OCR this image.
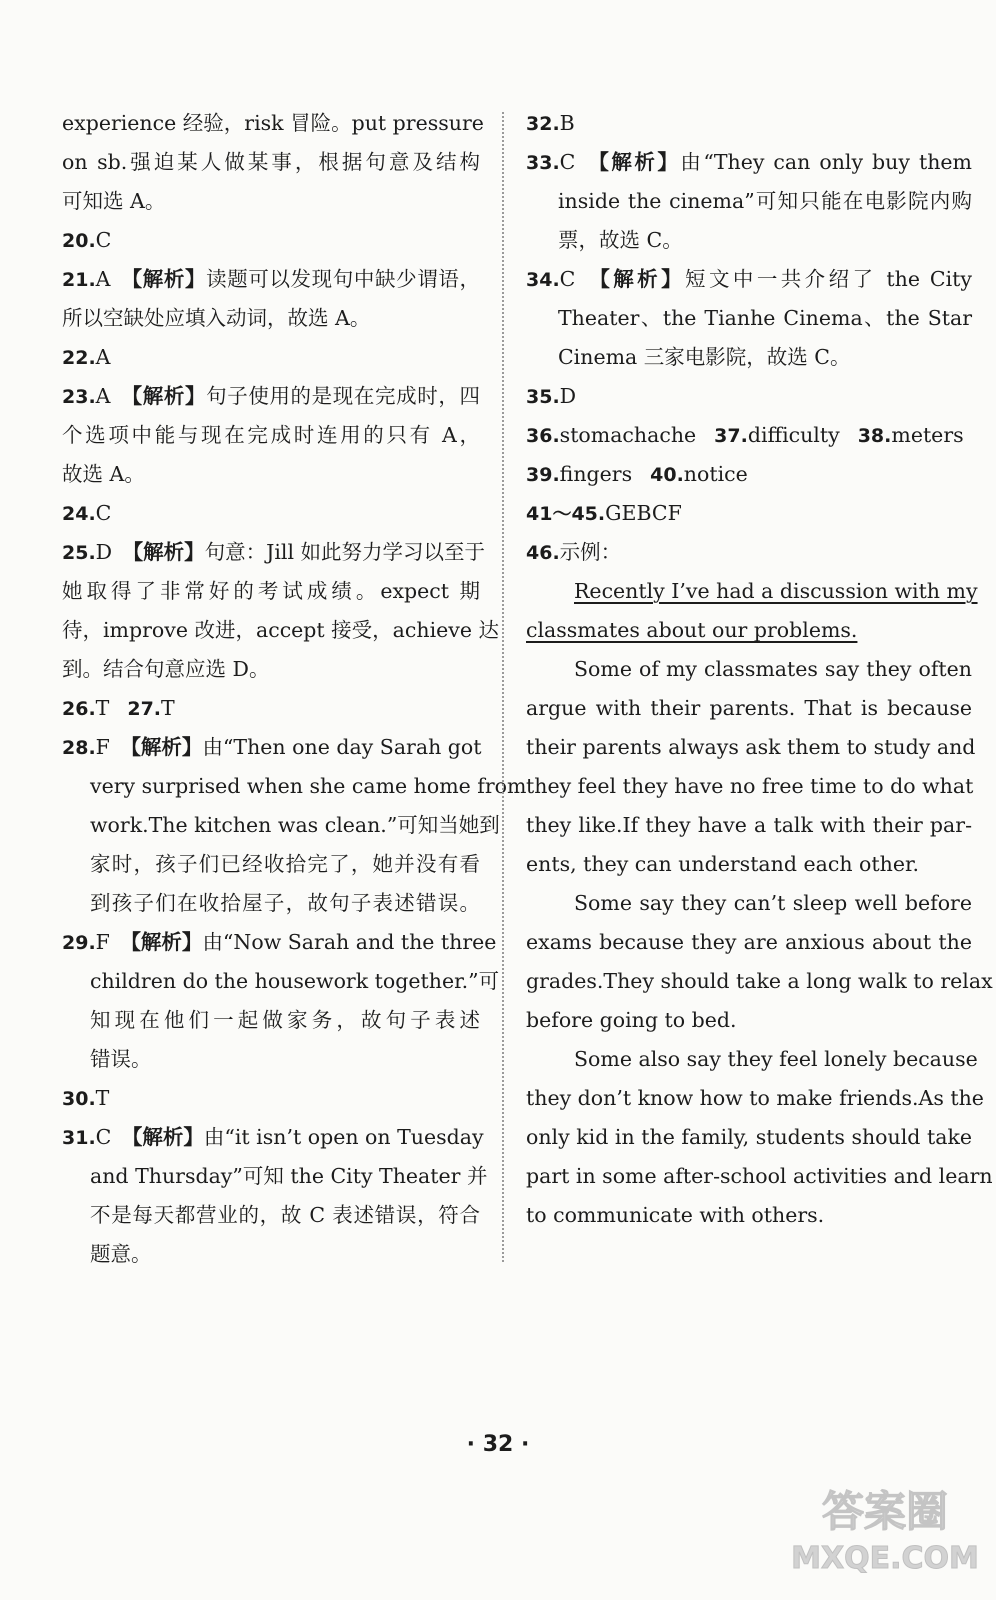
experience 经验，risk 冒险。put pressure
on sb.强迫某人做某事，根据句意及结构
可知选 A。
20.C
21.A 【解析】读题可以发现句中缺少谓语，
所以空缺处应填入动词，故选 A。
22.A
23.A 【解析】句子使用的是现在完成时，四
个选项中能与现在完成时连用的只有 A，
故选 A。
24.C
25.D 【解析】句意：Jill 如此努力学习以至于
她取得了非常好的考试成绩。expect 期
待，improve 改进，accept 接受，achieve 达
到。结合句意应选 D。
26.T 27.T
28.F 【解析】由“Then one day Sarah got
very surprised when she came home from
work.The kitchen was clean.”可知当她到
家时，孩子们已经收拾完了，她并没有看
到孩子们在收拾屋子，故句子表述错误。
29.F 【解析】由“Now Sarah and the three
children do the housework together.”可
知现在他们一起做家务，故句子表述
错误。
30.T
31.C 【解析】由“it isn’t open on Tuesday
and Thursday”可知 the City Theater 并
不是每天都营业的，故 C 表述错误，符合
题意。
32.B
33.C 【解析】由“They can only buy them
inside the cinema”可知只能在电影院内购
票，故选 C。
34.C 【解析】短文中一共介绍了 the City
Theater、the Tianhe Cinema、the Star
Cinema 三家电影院，故选 C。
35.D
36.stomachache 37.difficulty 38.meters
39.fingers 40.notice
41～45.GEBCF
46.示例：
Recently I’ve had a discussion with my
classmates about our problems.
Some of my classmates say they often
argue with their parents. That is because
their parents always ask them to study and
they feel they have no free time to do what
they like.If they have a talk with their par-
ents, they can understand each other.
Some say they can’t sleep well before
exams because they are anxious about the
grades.They should take a long walk to relax
before going to bed.
Some also say they feel lonely because
they don’t know how to make friends.As the
only kid in the family, students should take
part in some after-school activities and learn
to communicate with others.
· 32 ·
答案圈
MXQE.COM
